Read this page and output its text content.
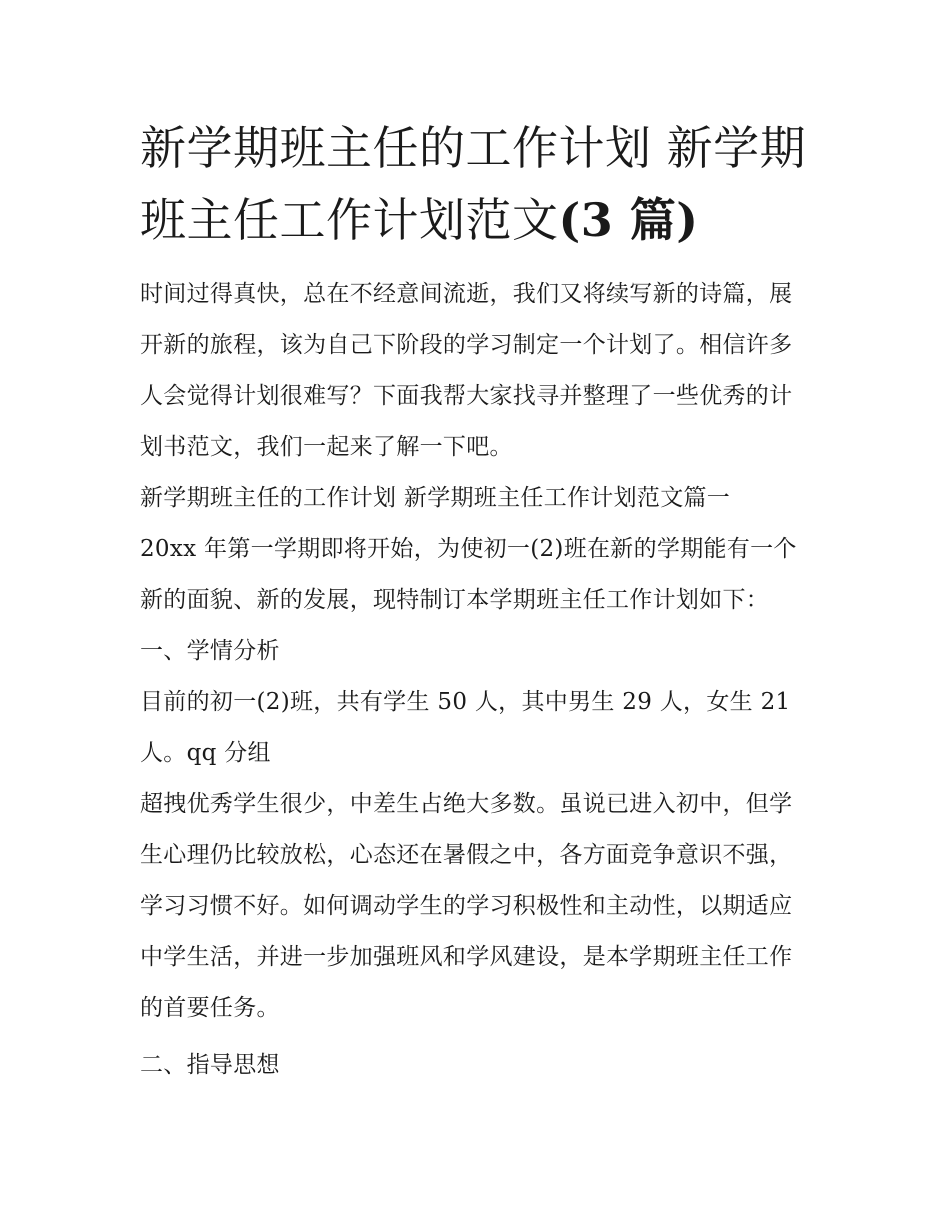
新学期班主任的工作计划 新学期班主任工作计划范文(3 篇)

时间过得真快，总在不经意间流逝，我们又将续写新的诗篇，展开新的旅程，该为自己下阶段的学习制定一个计划了。相信许多人会觉得计划很难写？下面我帮大家找寻并整理了一些优秀的计划书范文，我们一起来了解一下吧。

新学期班主任的工作计划 新学期班主任工作计划范文篇一

20xx 年第一学期即将开始，为使初一(2)班在新的学期能有一个新的面貌、新的发展，现特制订本学期班主任工作计划如下： 一、学情分析

目前的初一(2)班，共有学生 50 人，其中男生 29 人，女生 21 人。qq 分组

超拽优秀学生很少，中差生占绝大多数。虽说已进入初中，但学生心理仍比较放松，心态还在暑假之中，各方面竞争意识不强，学习习惯不好。如何调动学生的学习积极性和主动性，以期适应中学生活，并进一步加强班风和学风建设，是本学期班主任工作的首要任务。

二、指导思想
